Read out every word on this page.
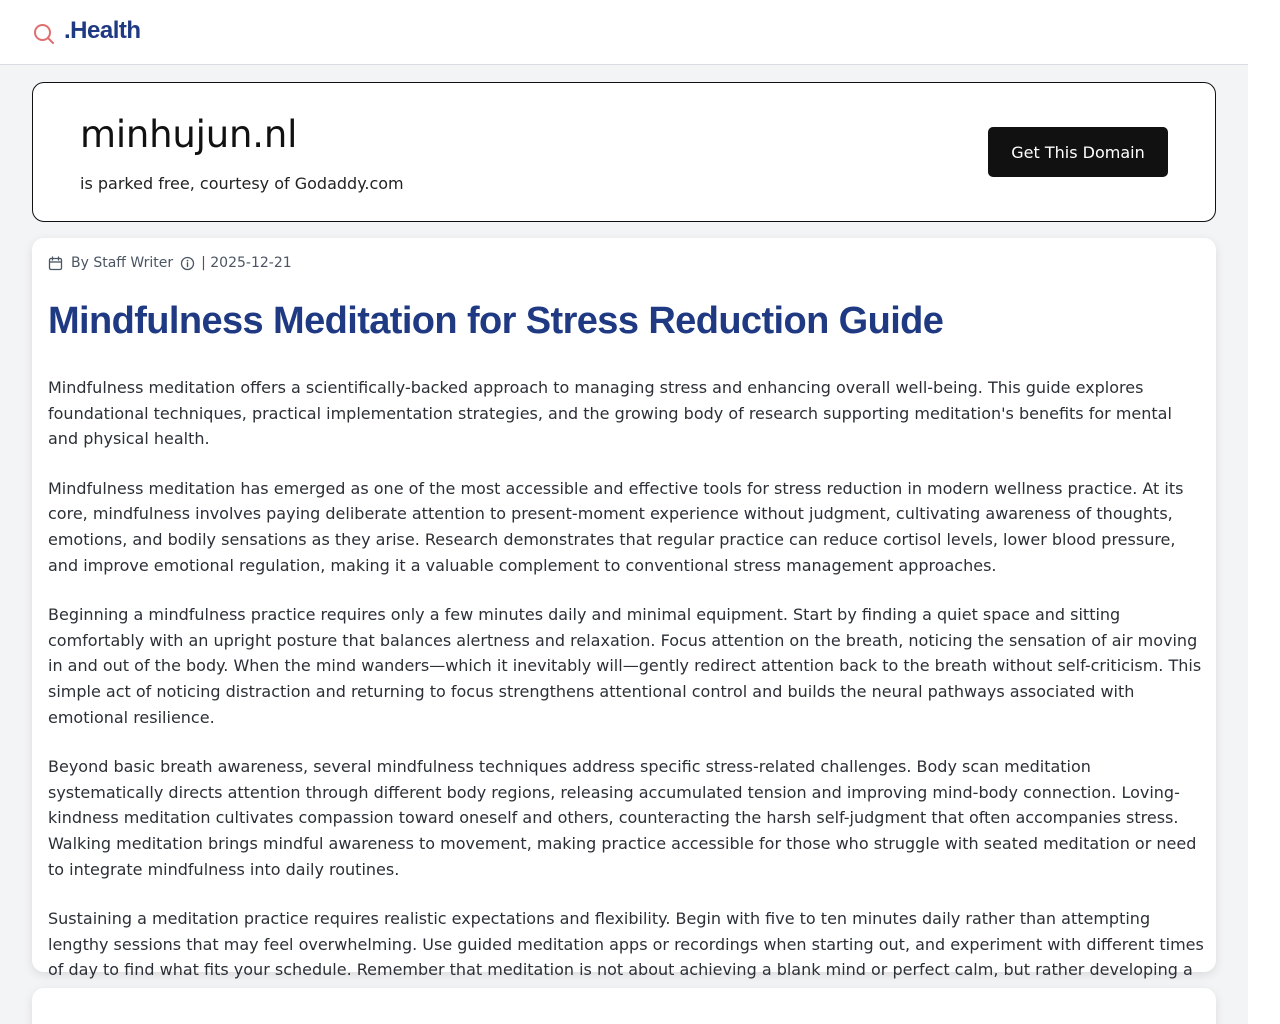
.Health
minhujun.nl
is parked free, courtesy of Godaddy.com
Get This Domain
By Staff Writer | 2025-12-21
Mindfulness Meditation for Stress Reduction Guide

Mindfulness meditation offers a scientifically-backed approach to managing stress and enhancing overall well-being. This guide explores foundational techniques, practical implementation strategies, and the growing body of research supporting meditation's benefits for mental and physical health.

Mindfulness meditation has emerged as one of the most accessible and effective tools for stress reduction in modern wellness practice. At its core, mindfulness involves paying deliberate attention to present-moment experience without judgment, cultivating awareness of thoughts, emotions, and bodily sensations as they arise. Research demonstrates that regular practice can reduce cortisol levels, lower blood pressure, and improve emotional regulation, making it a valuable complement to conventional stress management approaches.

Beginning a mindfulness practice requires only a few minutes daily and minimal equipment. Start by finding a quiet space and sitting comfortably with an upright posture that balances alertness and relaxation. Focus attention on the breath, noticing the sensation of air moving in and out of the body. When the mind wanders—which it inevitably will—gently redirect attention back to the breath without self-criticism. This simple act of noticing distraction and returning to focus strengthens attentional control and builds the neural pathways associated with emotional resilience.

Beyond basic breath awareness, several mindfulness techniques address specific stress-related challenges. Body scan meditation systematically directs attention through different body regions, releasing accumulated tension and improving mind-body connection. Loving-kindness meditation cultivates compassion toward oneself and others, counteracting the harsh self-judgment that often accompanies stress. Walking meditation brings mindful awareness to movement, making practice accessible for those who struggle with seated meditation or need to integrate mindfulness into daily routines.

Sustaining a meditation practice requires realistic expectations and flexibility. Begin with five to ten minutes daily rather than attempting lengthy sessions that may feel overwhelming. Use guided meditation apps or recordings when starting out, and experiment with different times of day to find what fits your schedule. Remember that meditation is not about achieving a blank mind or perfect calm, but rather developing a
